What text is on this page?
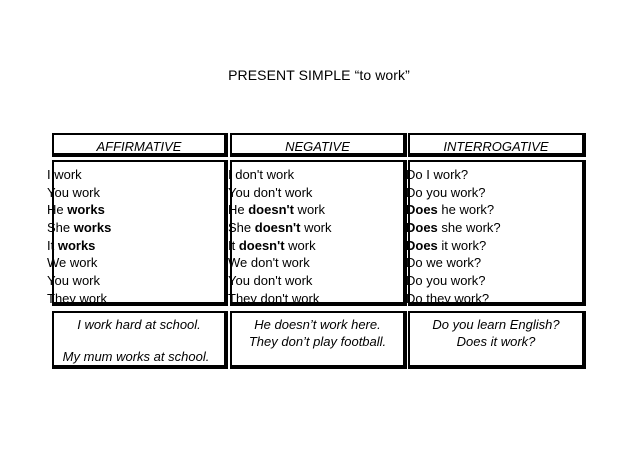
PRESENT SIMPLE “to work”
AFFIRMATIVE	NEGATIVE	INTERROGATIVE
I work
You work
He works
She works
It works
We work
You work
They work
I don't work
You don't work
He doesn't work
She doesn't work
It doesn't work
We don't work
You don't work
They don't work
Do I work?
Do you work?
Does he work?
Does she work?
Does it work?
Do we work?
Do you work?
Do they work?

I work hard at school.

My mum works at school.

He doesn’t work here.

They don’t play football.

Do you learn English?

Does it work?
